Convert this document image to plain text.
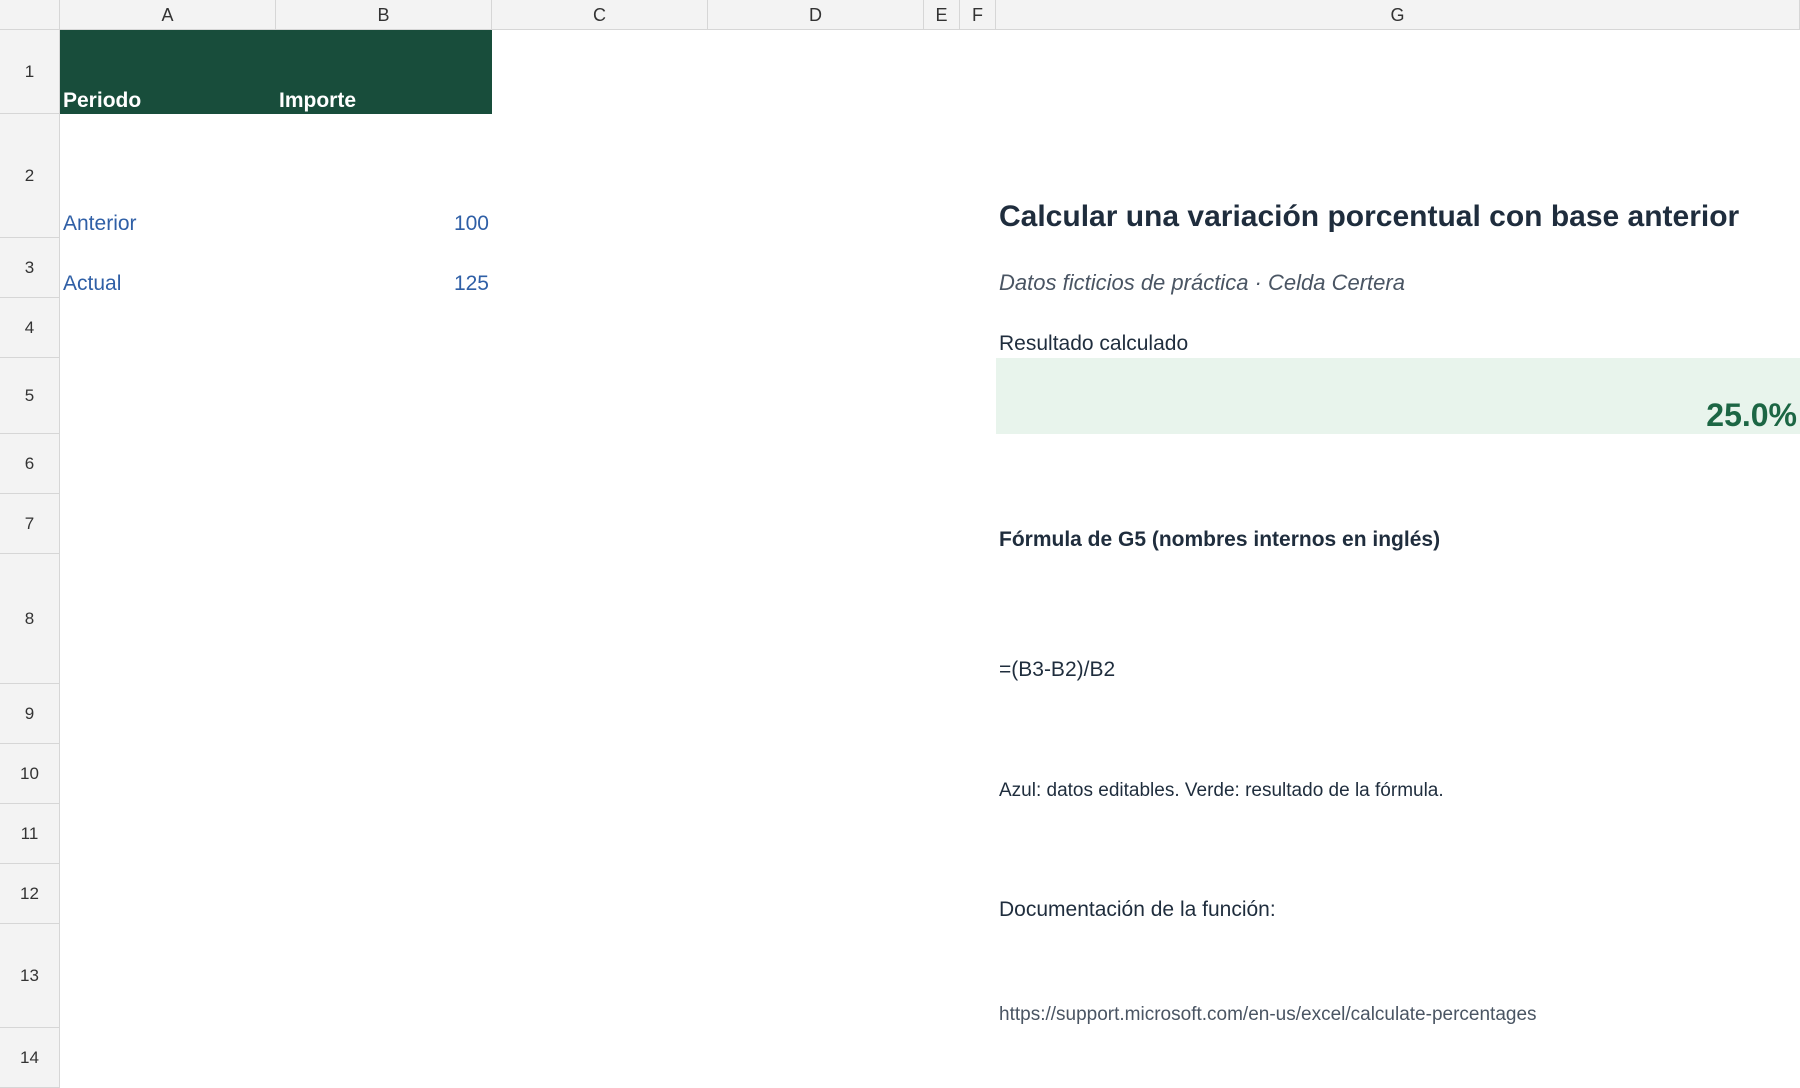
A	B	C	D	E	F	G
1
2
3
4
5
6
7
8
9
10
11
12
13
14
Periodo	Importe
Anterior	100
Actual	125
Calcular una variación porcentual con base anterior
Datos ficticios de práctica · Celda Certera
Resultado calculado
25.0%
Fórmula de G5 (nombres internos en inglés)
=(B3-B2)/B2
Azul: datos editables. Verde: resultado de la fórmula.
Documentación de la función:
https://support.microsoft.com/en-us/excel/calculate-percentages
